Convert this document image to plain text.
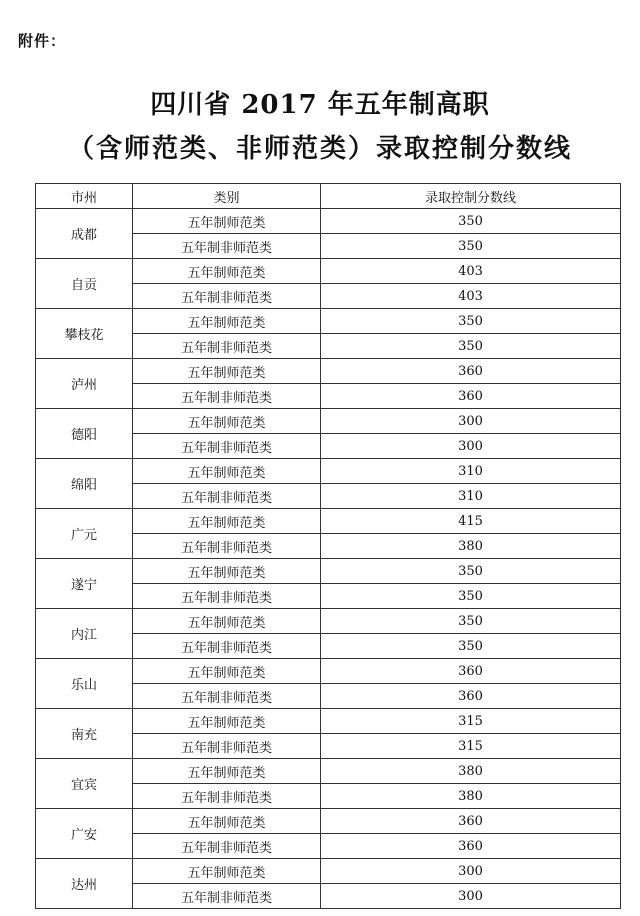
附件：
四川省 2017 年五年制高职
（含师范类、非师范类）录取控制分数线
市州	类别	录取控制分数线
成都	五年制师范类	350
	五年制非师范类	350
自贡	五年制师范类	403
	五年制非师范类	403
攀枝花	五年制师范类	350
	五年制非师范类	350
泸州	五年制师范类	360
	五年制非师范类	360
德阳	五年制师范类	300
	五年制非师范类	300
绵阳	五年制师范类	310
	五年制非师范类	310
广元	五年制师范类	415
	五年制非师范类	380
遂宁	五年制师范类	350
	五年制非师范类	350
内江	五年制师范类	350
	五年制非师范类	350
乐山	五年制师范类	360
	五年制非师范类	360
南充	五年制师范类	315
	五年制非师范类	315
宜宾	五年制师范类	380
	五年制非师范类	380
广安	五年制师范类	360
	五年制非师范类	360
达州	五年制师范类	300
	五年制非师范类	300
